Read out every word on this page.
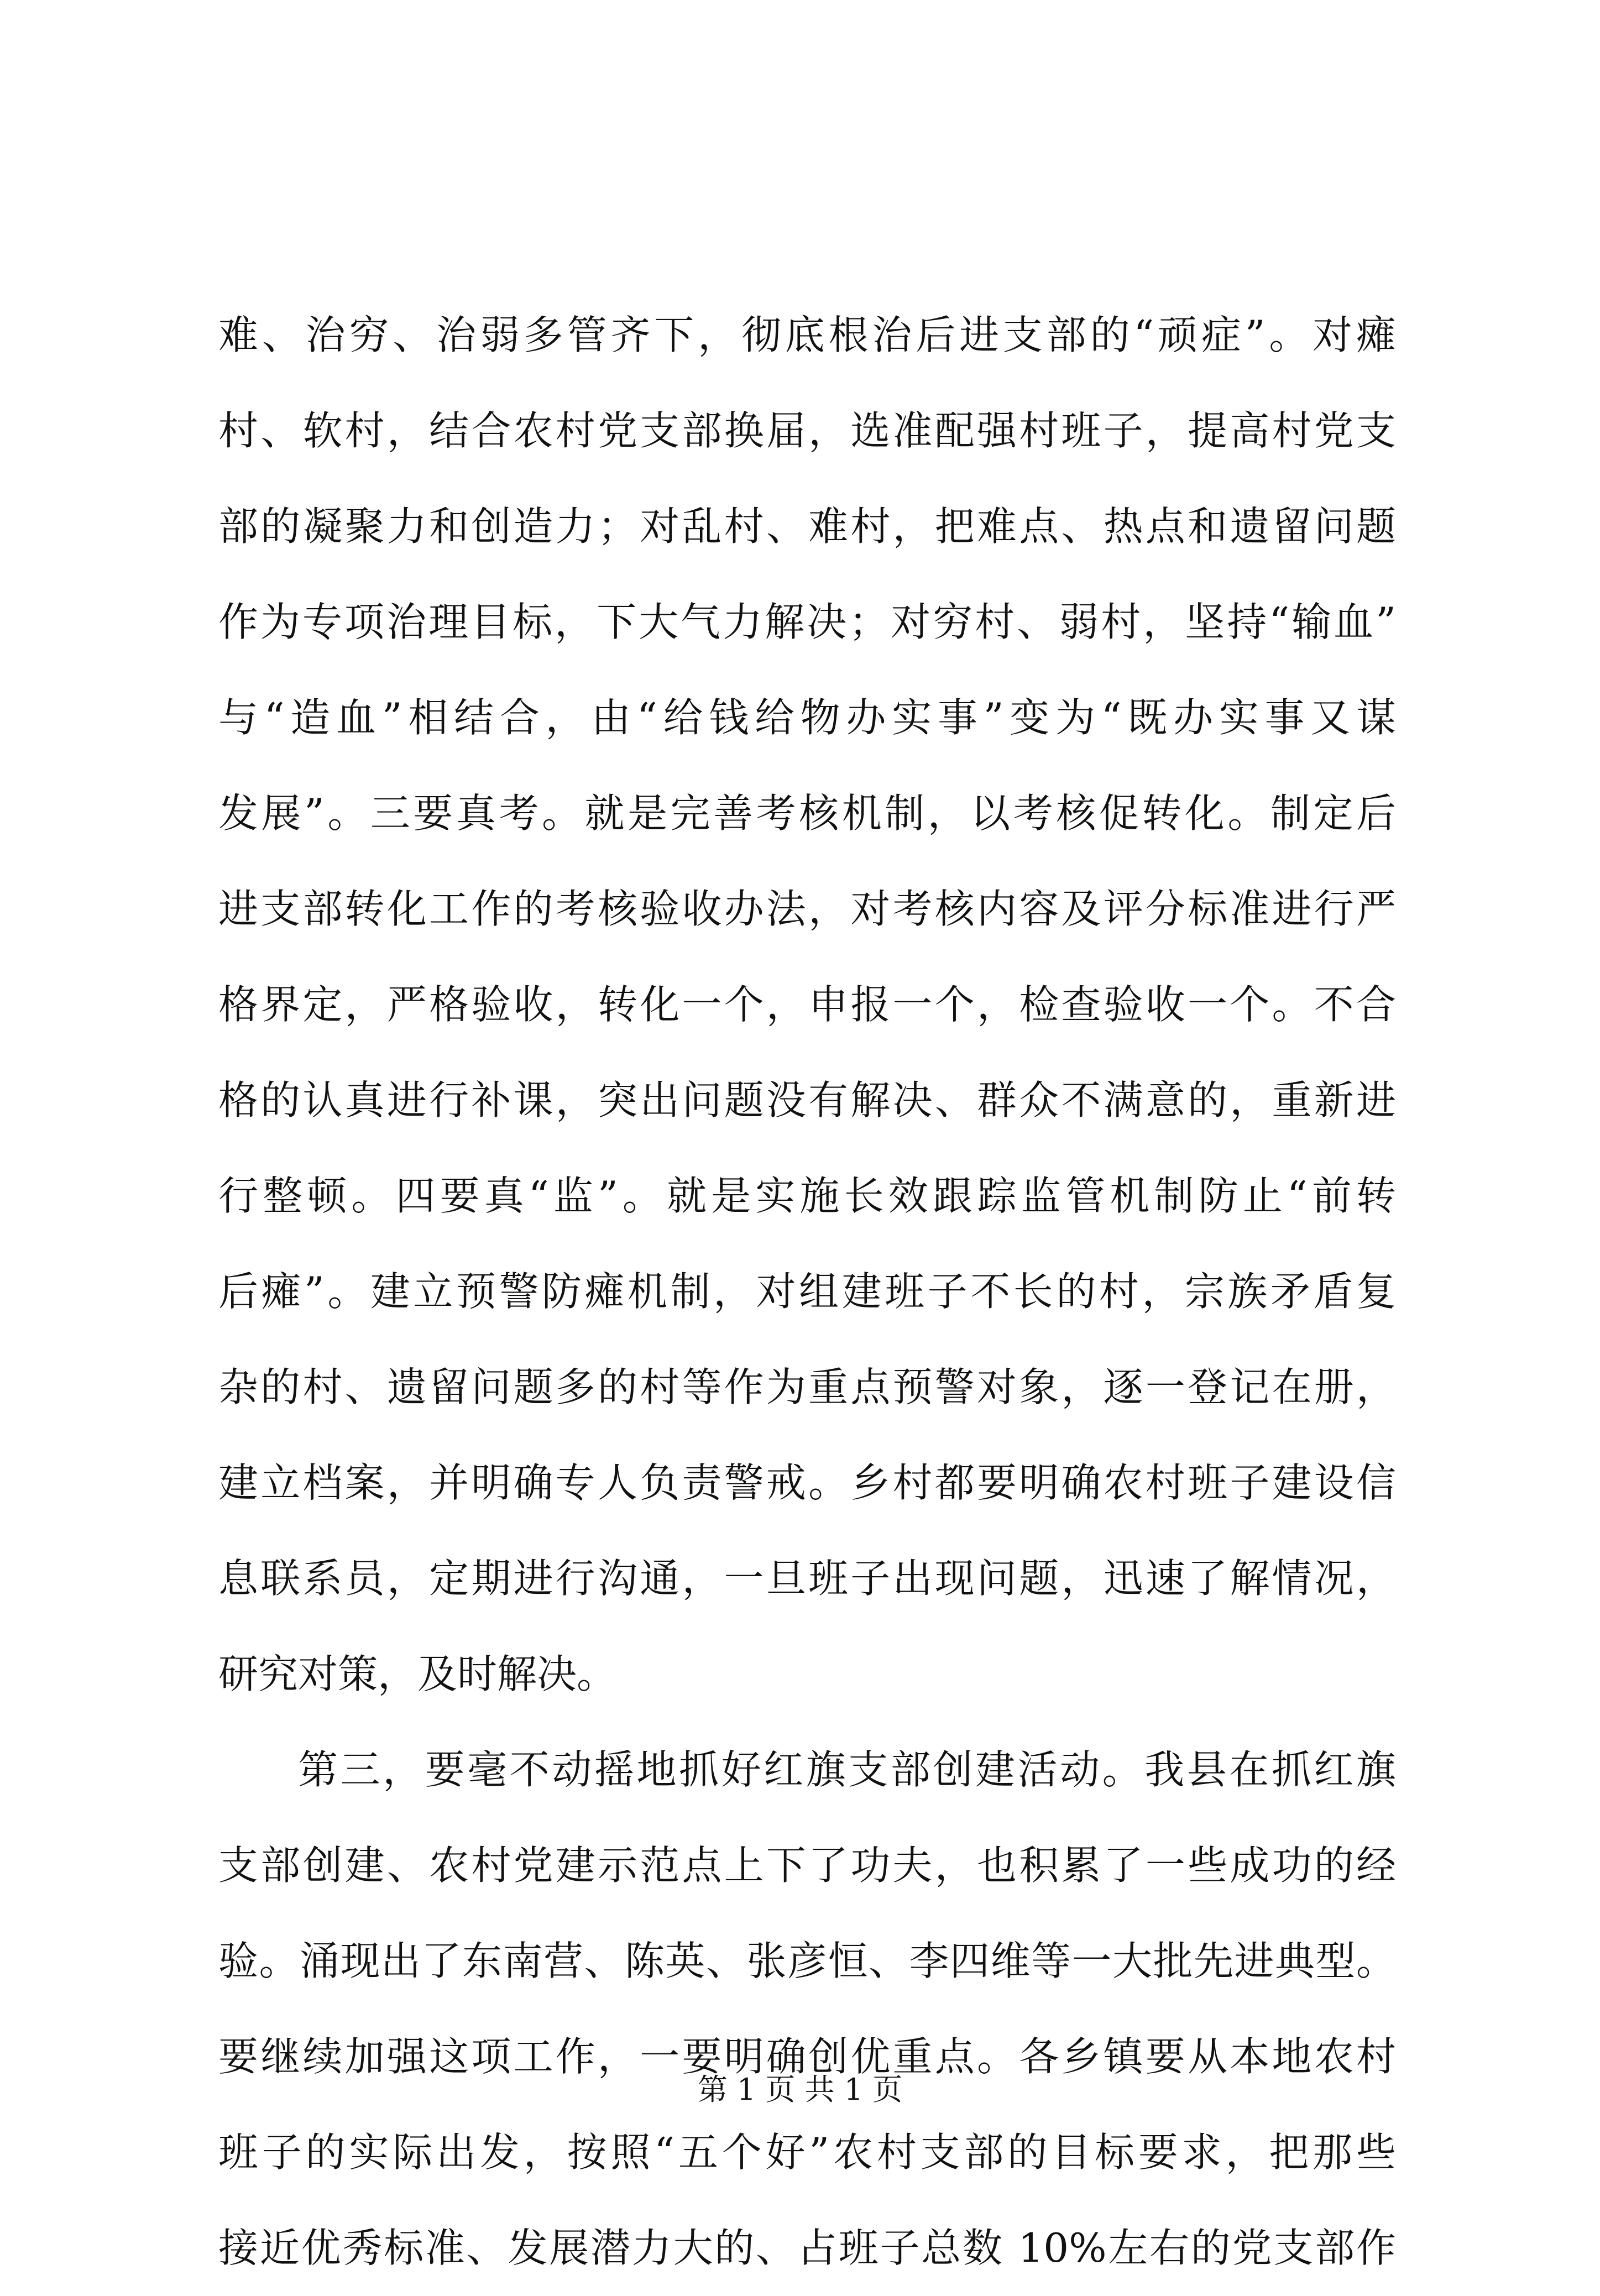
难、治穷、治弱多管齐下，彻底根治后进支部的“顽症”。对瘫
村、软村，结合农村党支部换届，选准配强村班子，提高村党支
部的凝聚力和创造力；对乱村、难村，把难点、热点和遗留问题
作为专项治理目标，下大气力解决；对穷村、弱村，坚持“输血”
与“造血”相结合，由“给钱给物办实事”变为“既办实事又谋
发展”。三要真考。就是完善考核机制，以考核促转化。制定后
进支部转化工作的考核验收办法，对考核内容及评分标准进行严
格界定，严格验收，转化一个，申报一个，检查验收一个。不合
格的认真进行补课，突出问题没有解决、群众不满意的，重新进
行整顿。四要真“监”。就是实施长效跟踪监管机制防止“前转
后瘫”。建立预警防瘫机制，对组建班子不长的村，宗族矛盾复
杂的村、遗留问题多的村等作为重点预警对象，逐一登记在册，
建立档案，并明确专人负责警戒。乡村都要明确农村班子建设信
息联系员，定期进行沟通，一旦班子出现问题，迅速了解情况，
研究对策，及时解决。
第三，要毫不动摇地抓好红旗支部创建活动。我县在抓红旗
支部创建、农村党建示范点上下了功夫，也积累了一些成功的经
验。涌现出了东南营、陈英、张彦恒、李四维等一大批先进典型。
要继续加强这项工作，一要明确创优重点。各乡镇要从本地农村
班子的实际出发，按照“五个好”农村支部的目标要求，把那些
接近优秀标准、发展潜力大的、占班子总数 10%左右的党支部作
第 1 页 共 1 页
